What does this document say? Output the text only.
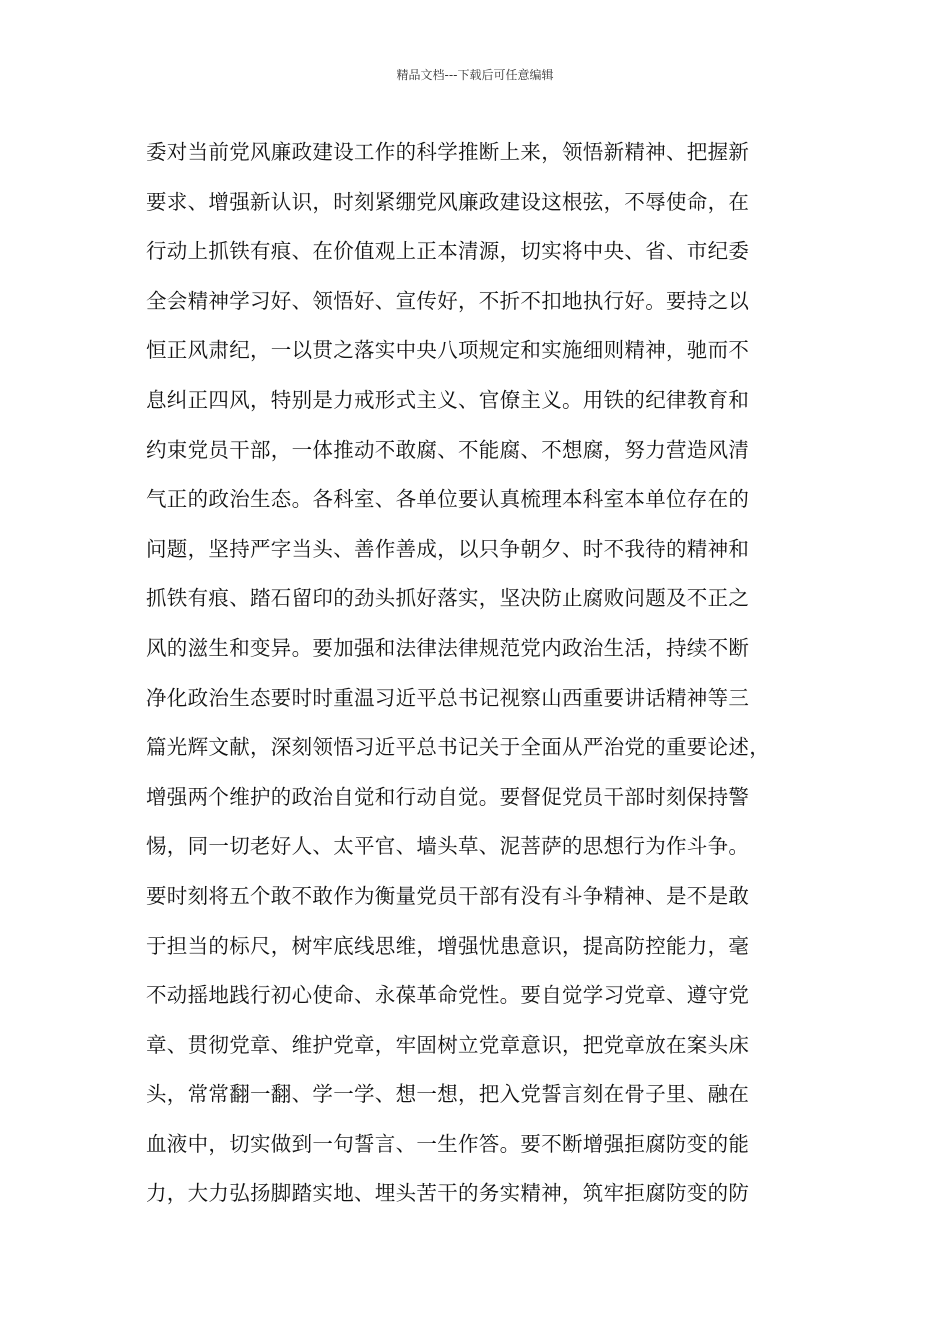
精品文档---下载后可任意编辑
委对当前党风廉政建设工作的科学推断上来，领悟新精神、把握新
要求、增强新认识，时刻紧绷党风廉政建设这根弦，不辱使命，在
行动上抓铁有痕、在价值观上正本清源，切实将中央、省、市纪委
全会精神学习好、领悟好、宣传好，不折不扣地执行好。要持之以
恒正风肃纪，一以贯之落实中央八项规定和实施细则精神，驰而不
息纠正四风，特别是力戒形式主义、官僚主义。用铁的纪律教育和
约束党员干部，一体推动不敢腐、不能腐、不想腐，努力营造风清
气正的政治生态。各科室、各单位要认真梳理本科室本单位存在的
问题，坚持严字当头、善作善成，以只争朝夕、时不我待的精神和
抓铁有痕、踏石留印的劲头抓好落实，坚决防止腐败问题及不正之
风的滋生和变异。要加强和法律法律规范党内政治生活，持续不断
净化政治生态要时时重温习近平总书记视察山西重要讲话精神等三
篇光辉文献，深刻领悟习近平总书记关于全面从严治党的重要论述，
增强两个维护的政治自觉和行动自觉。要督促党员干部时刻保持警
惕，同一切老好人、太平官、墙头草、泥菩萨的思想行为作斗争。
要时刻将五个敢不敢作为衡量党员干部有没有斗争精神、是不是敢
于担当的标尺，树牢底线思维，增强忧患意识，提高防控能力，毫
不动摇地践行初心使命、永葆革命党性。要自觉学习党章、遵守党
章、贯彻党章、维护党章，牢固树立党章意识，把党章放在案头床
头，常常翻一翻、学一学、想一想，把入党誓言刻在骨子里、融在
血液中，切实做到一句誓言、一生作答。要不断增强拒腐防变的能
力，大力弘扬脚踏实地、埋头苦干的务实精神，筑牢拒腐防变的防
